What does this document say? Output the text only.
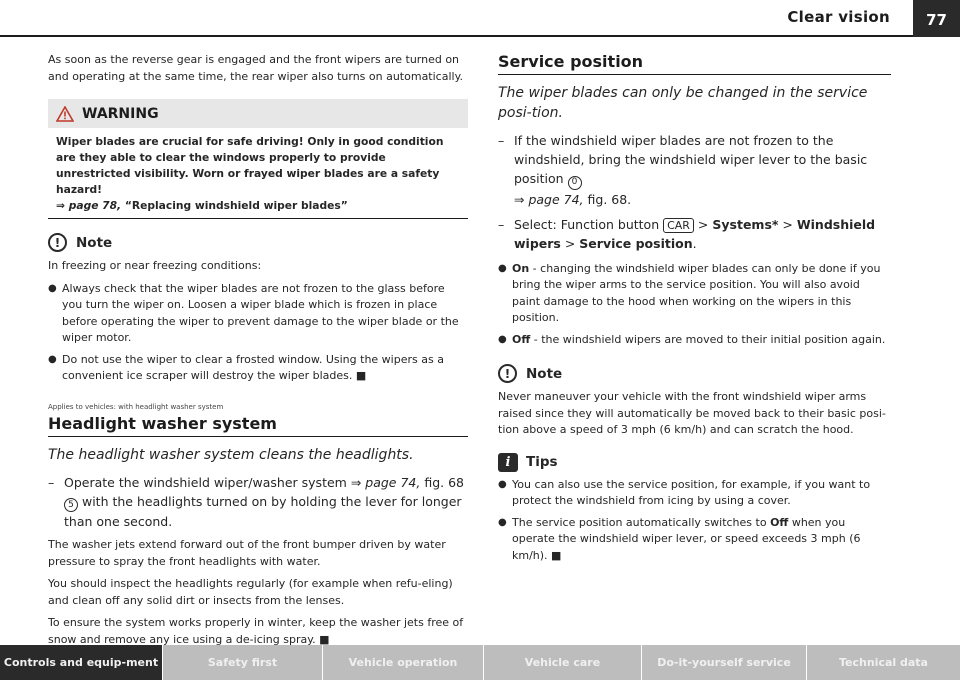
Clear vision	77

As soon as the reverse gear is engaged and the front wipers are turned on and operating at the same time, the rear wiper also turns on automatically.

WARNING
Wiper blades are crucial for safe driving! Only in good condition are they able to clear the windows properly to provide unrestricted visibility. Worn or frayed wiper blades are a safety hazard!
⇒ page 78, “Replacing windshield wiper blades”
!	Note

In freezing or near freezing conditions:

● Always check that the wiper blades are not frozen to the glass before you turn the wiper on. Loosen a wiper blade which is frozen in place before operating the wiper to prevent damage to the wiper blade or the wiper motor.
● Do not use the wiper to clear a frosted window. Using the wipers as a convenient ice scraper will destroy the wiper blades. ■
Applies to vehicles: with headlight washer system
Headlight washer system
The headlight washer system cleans the headlights.
– Operate the windshield wiper/washer system ⇒ page 74, fig. 68 5 with the headlights turned on by holding the lever for longer than one second.

The washer jets extend forward out of the front bumper driven by water pressure to spray the front headlights with water.

You should inspect the headlights regularly (for example when refu-eling) and clean off any solid dirt or insects from the lenses.

To ensure the system works properly in winter, keep the washer jets free of snow and remove any ice using a de-icing spray. ■

Service position
The wiper blades can only be changed in the service posi-tion.
– If the windshield wiper blades are not frozen to the windshield, bring the windshield wiper lever to the basic position 0
⇒ page 74, fig. 68.
– Select: Function button CAR > Systems* > Windshield wipers > Service position.
● On - changing the windshield wiper blades can only be done if you bring the wiper arms to the service position. You will also avoid paint damage to the hood when working on the wipers in this position.
● Off - the windshield wipers are moved to their initial position again.
!	Note

Never maneuver your vehicle with the front windshield wiper arms raised since they will automatically be moved back to their basic posi-tion above a speed of 3 mph (6 km/h) and can scratch the hood.

i	Tips
● You can also use the service position, for example, if you want to protect the windshield from icing by using a cover.
● The service position automatically switches to Off when you operate the windshield wiper lever, or speed exceeds 3 mph (6 km/h). ■
Controls and equip-ment	Safety first	Vehicle operation	Vehicle care	Do-it-yourself service	Technical data
